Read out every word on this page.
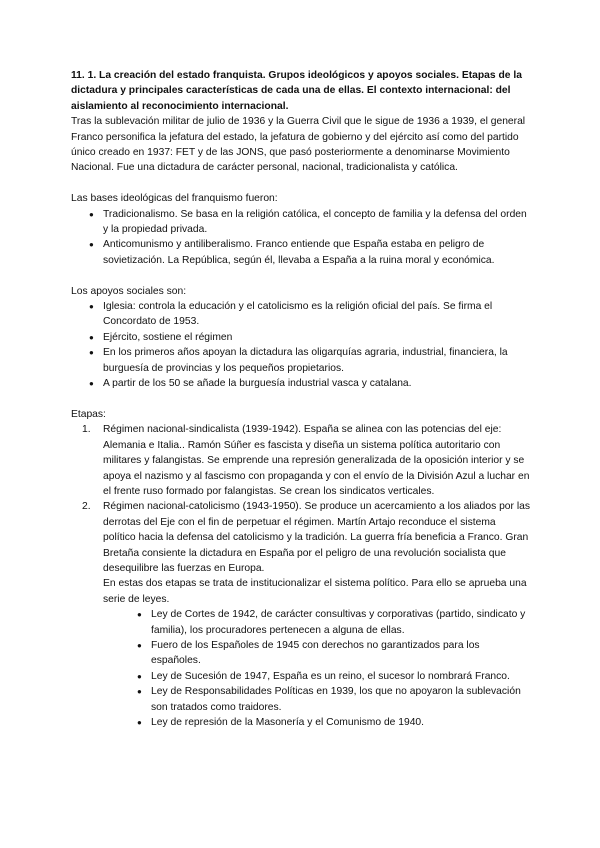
11. 1. La creación del estado franquista. Grupos ideológicos y apoyos sociales. Etapas de la dictadura y principales características de cada una de ellas. El contexto internacional: del aislamiento al reconocimiento internacional.

Tras la sublevación militar de julio de 1936 y la Guerra Civil que le sigue de 1936 a 1939, el general Franco personifica la jefatura del estado, la jefatura de gobierno y del ejército así como del partido único creado en 1937: FET y de las JONS, que pasó posteriormente a denominarse Movimiento Nacional. Fue una dictadura de carácter personal, nacional, tradicionalista y católica.

Las bases ideológicas del franquismo fueron:

● Tradicionalismo. Se basa en la religión católica, el concepto de familia y la defensa del orden y la propiedad privada.
● Anticomunismo y antiliberalismo. Franco entiende que España estaba en peligro de sovietización. La República, según él, llevaba a España a la ruina moral y económica.

Los apoyos sociales son:

● Iglesia: controla la educación y el catolicismo es la religión oficial del país. Se firma el Concordato de 1953.
● Ejército, sostiene el régimen
● En los primeros años apoyan la dictadura las oligarquías agraria, industrial, financiera, la burguesía de provincias y los pequeños propietarios.
● A partir de los 50 se añade la burguesía industrial vasca y catalana.

Etapas:

1. Régimen nacional-sindicalista (1939-1942). España se alinea con las potencias del eje: Alemania e Italia.. Ramón Súñer es fascista y diseña un sistema política autoritario con militares y falangistas. Se emprende una represión generalizada de la oposición interior y se apoya el nazismo y al fascismo con propaganda y con el envío de la División Azul a luchar en el frente ruso formado por falangistas. Se crean los sindicatos verticales.
2. Régimen nacional-catolicismo (1943-1950). Se produce un acercamiento a los aliados por las derrotas del Eje con el fin de perpetuar el régimen. Martín Artajo reconduce el sistema político hacia la defensa del catolicismo y la tradición. La guerra fría beneficia a Franco. Gran Bretaña consiente la dictadura en España por el peligro de una revolución socialista que desequilibre las fuerzas en Europa.
En estas dos etapas se trata de institucionalizar el sistema político. Para ello se aprueba una serie de leyes.
● Ley de Cortes de 1942, de carácter consultivas y corporativas (partido, sindicato y familia), los procuradores pertenecen a alguna de ellas.
● Fuero de los Españoles de 1945 con derechos no garantizados para los españoles.
● Ley de Sucesión de 1947, España es un reino, el sucesor lo nombrará Franco.
● Ley de Responsabilidades Políticas en 1939, los que no apoyaron la sublevación son tratados como traidores.
● Ley de represión de la Masonería y el Comunismo de 1940.
